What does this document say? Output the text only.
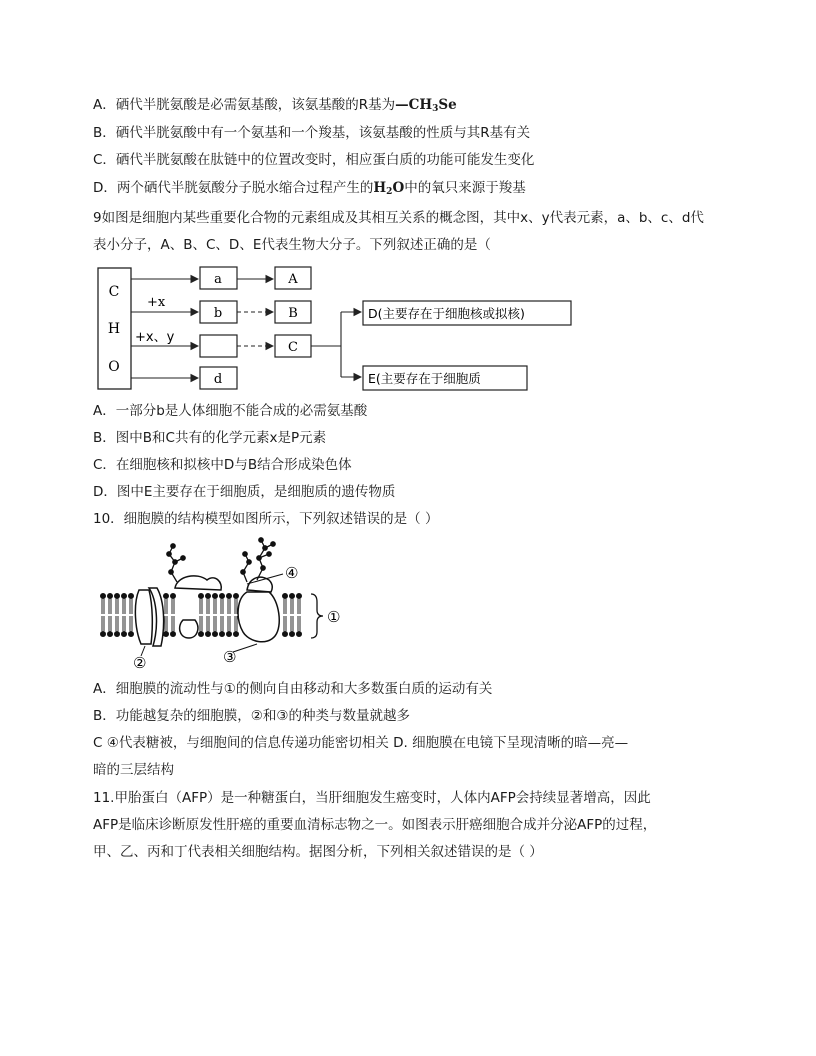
A．硒代半胱氨酸是必需氨基酸，该氨基酸的R基为$—CH_3Se$
B．硒代半胱氨酸中有一个氨基和一个羧基，该氨基酸的性质与其R基有关
C．硒代半胱氨酸在肽链中的位置改变时，相应蛋白质的功能可能发生变化
D．两个硒代半胱氨酸分子脱水缩合过程产生的$H_2O$中的氧只来源于羧基
9如图是细胞内某些重要化合物的元素组成及其相互关系的概念图，其中x、y代表元素，a、b、c、d代
表小分子，A、B、C、D、E代表生物大分子。下列叙述正确的是（
C
H
O
+x
+x、y
a
b
d
A
B
C
D(主要存在于细胞核或拟核)
E(主要存在于细胞质
A．一部分b是人体细胞不能合成的必需氨基酸
B．图中B和C共有的化学元素x是P元素
C．在细胞核和拟核中D与B结合形成染色体
D．图中E主要存在于细胞质，是细胞质的遗传物质
10．细胞膜的结构模型如图所示，下列叙述错误的是（ ）
①
②	③
④
A．细胞膜的流动性与①的侧向自由移动和大多数蛋白质的运动有关
B．功能越复杂的细胞膜，②和③的种类与数量就越多
C ④代表糖被，与细胞间的信息传递功能密切相关 D. 细胞膜在电镜下呈现清晰的暗—亮—
暗的三层结构
11.甲胎蛋白（AFP）是一种糖蛋白，当肝细胞发生癌变时，人体内AFP会持续显著增高，因此
AFP是临床诊断原发性肝癌的重要血清标志物之一。如图表示肝癌细胞合成并分泌AFP的过程，
甲、乙、丙和丁代表相关细胞结构。据图分析，下列相关叙述错误的是（ ）
